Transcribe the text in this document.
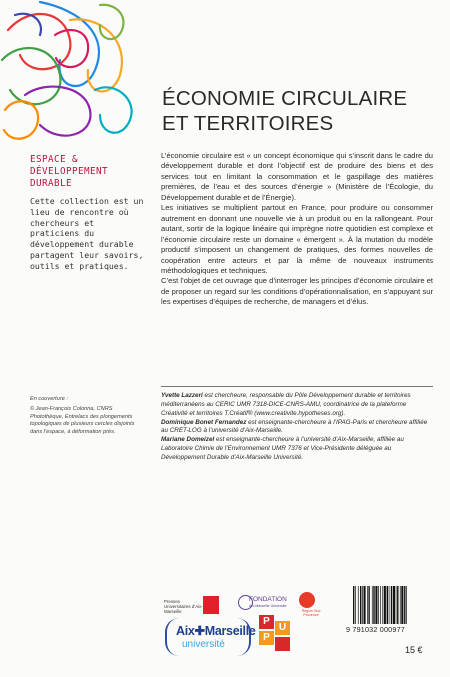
ÉCONOMIE CIRCULAIRE
ET TERRITOIRES
ESPACE & DÉVELOPPEMENT DURABLE
Cette collection est un lieu de rencontre où chercheurs et praticiens du développement durable partagent leur savoirs, outils et pratiques.
En couverture :
© Jean-François Colonna, CNRS Photothèque, Entrelacs des plongements topologiques de plusieurs cercles disjoints dans l’espace, à déformation près.

L’économie circulaire est « un concept économique qui s’inscrit dans le cadre du développement durable et dont l’objectif est de produire des biens et des services tout en limitant la consommation et le gaspillage des matières premières, de l’eau et des sources d’énergie » (Ministère de l’Écologie, du Développement durable et de l’Énergie).

Les initiatives se multiplient partout en France, pour produire ou consommer autrement en donnant une nouvelle vie à un produit ou en la rallongeant. Pour autant, sortir de la logique linéaire qui imprègne notre quotidien est complexe et l’économie circulaire reste un domaine « émergent ». À la mutation du modèle productif s’imposent un changement de pratiques, des formes nouvelles de coopération entre acteurs et par là même de nouveaux instruments méthodologiques et techniques.

C’est l’objet de cet ouvrage que d’interroger les principes d’économie circulaire et de proposer un regard sur les conditions d’opérationnalisation, en s’appuyant sur les expertises d’équipes de recherche, de managers et d’élus.

Yvette Lazzeri est chercheure, responsable du Pôle Développement durable et territoires méditerranéens au CERIC UMR 7318-DICE-CNRS-AMU, coordinatrice de la plateforme Créativité et territoires T.Créatif® (www.creativite.hypotheses.org).

Dominique Bonet Fernandez est enseignante-chercheure à l’IPAG-Paris et chercheure affiliée au CRET-LOG à l’université d’Aix-Marseille.

Mariane Domeizel est enseignante-chercheure à l’université d’Aix-Marseille, affiliée au Laboratoire Chimie de l’Environnement UMR 7376 et Vice-Présidente déléguée au Développement Durable d’Aix-Marseille Université.

Presses Universitaires d’Aix-Marseille
FONDATION
Aix-Marseille Université
Région Sud Provence
Aix✚Marseille
université
P
U
P
9 791032 000977
15 €
